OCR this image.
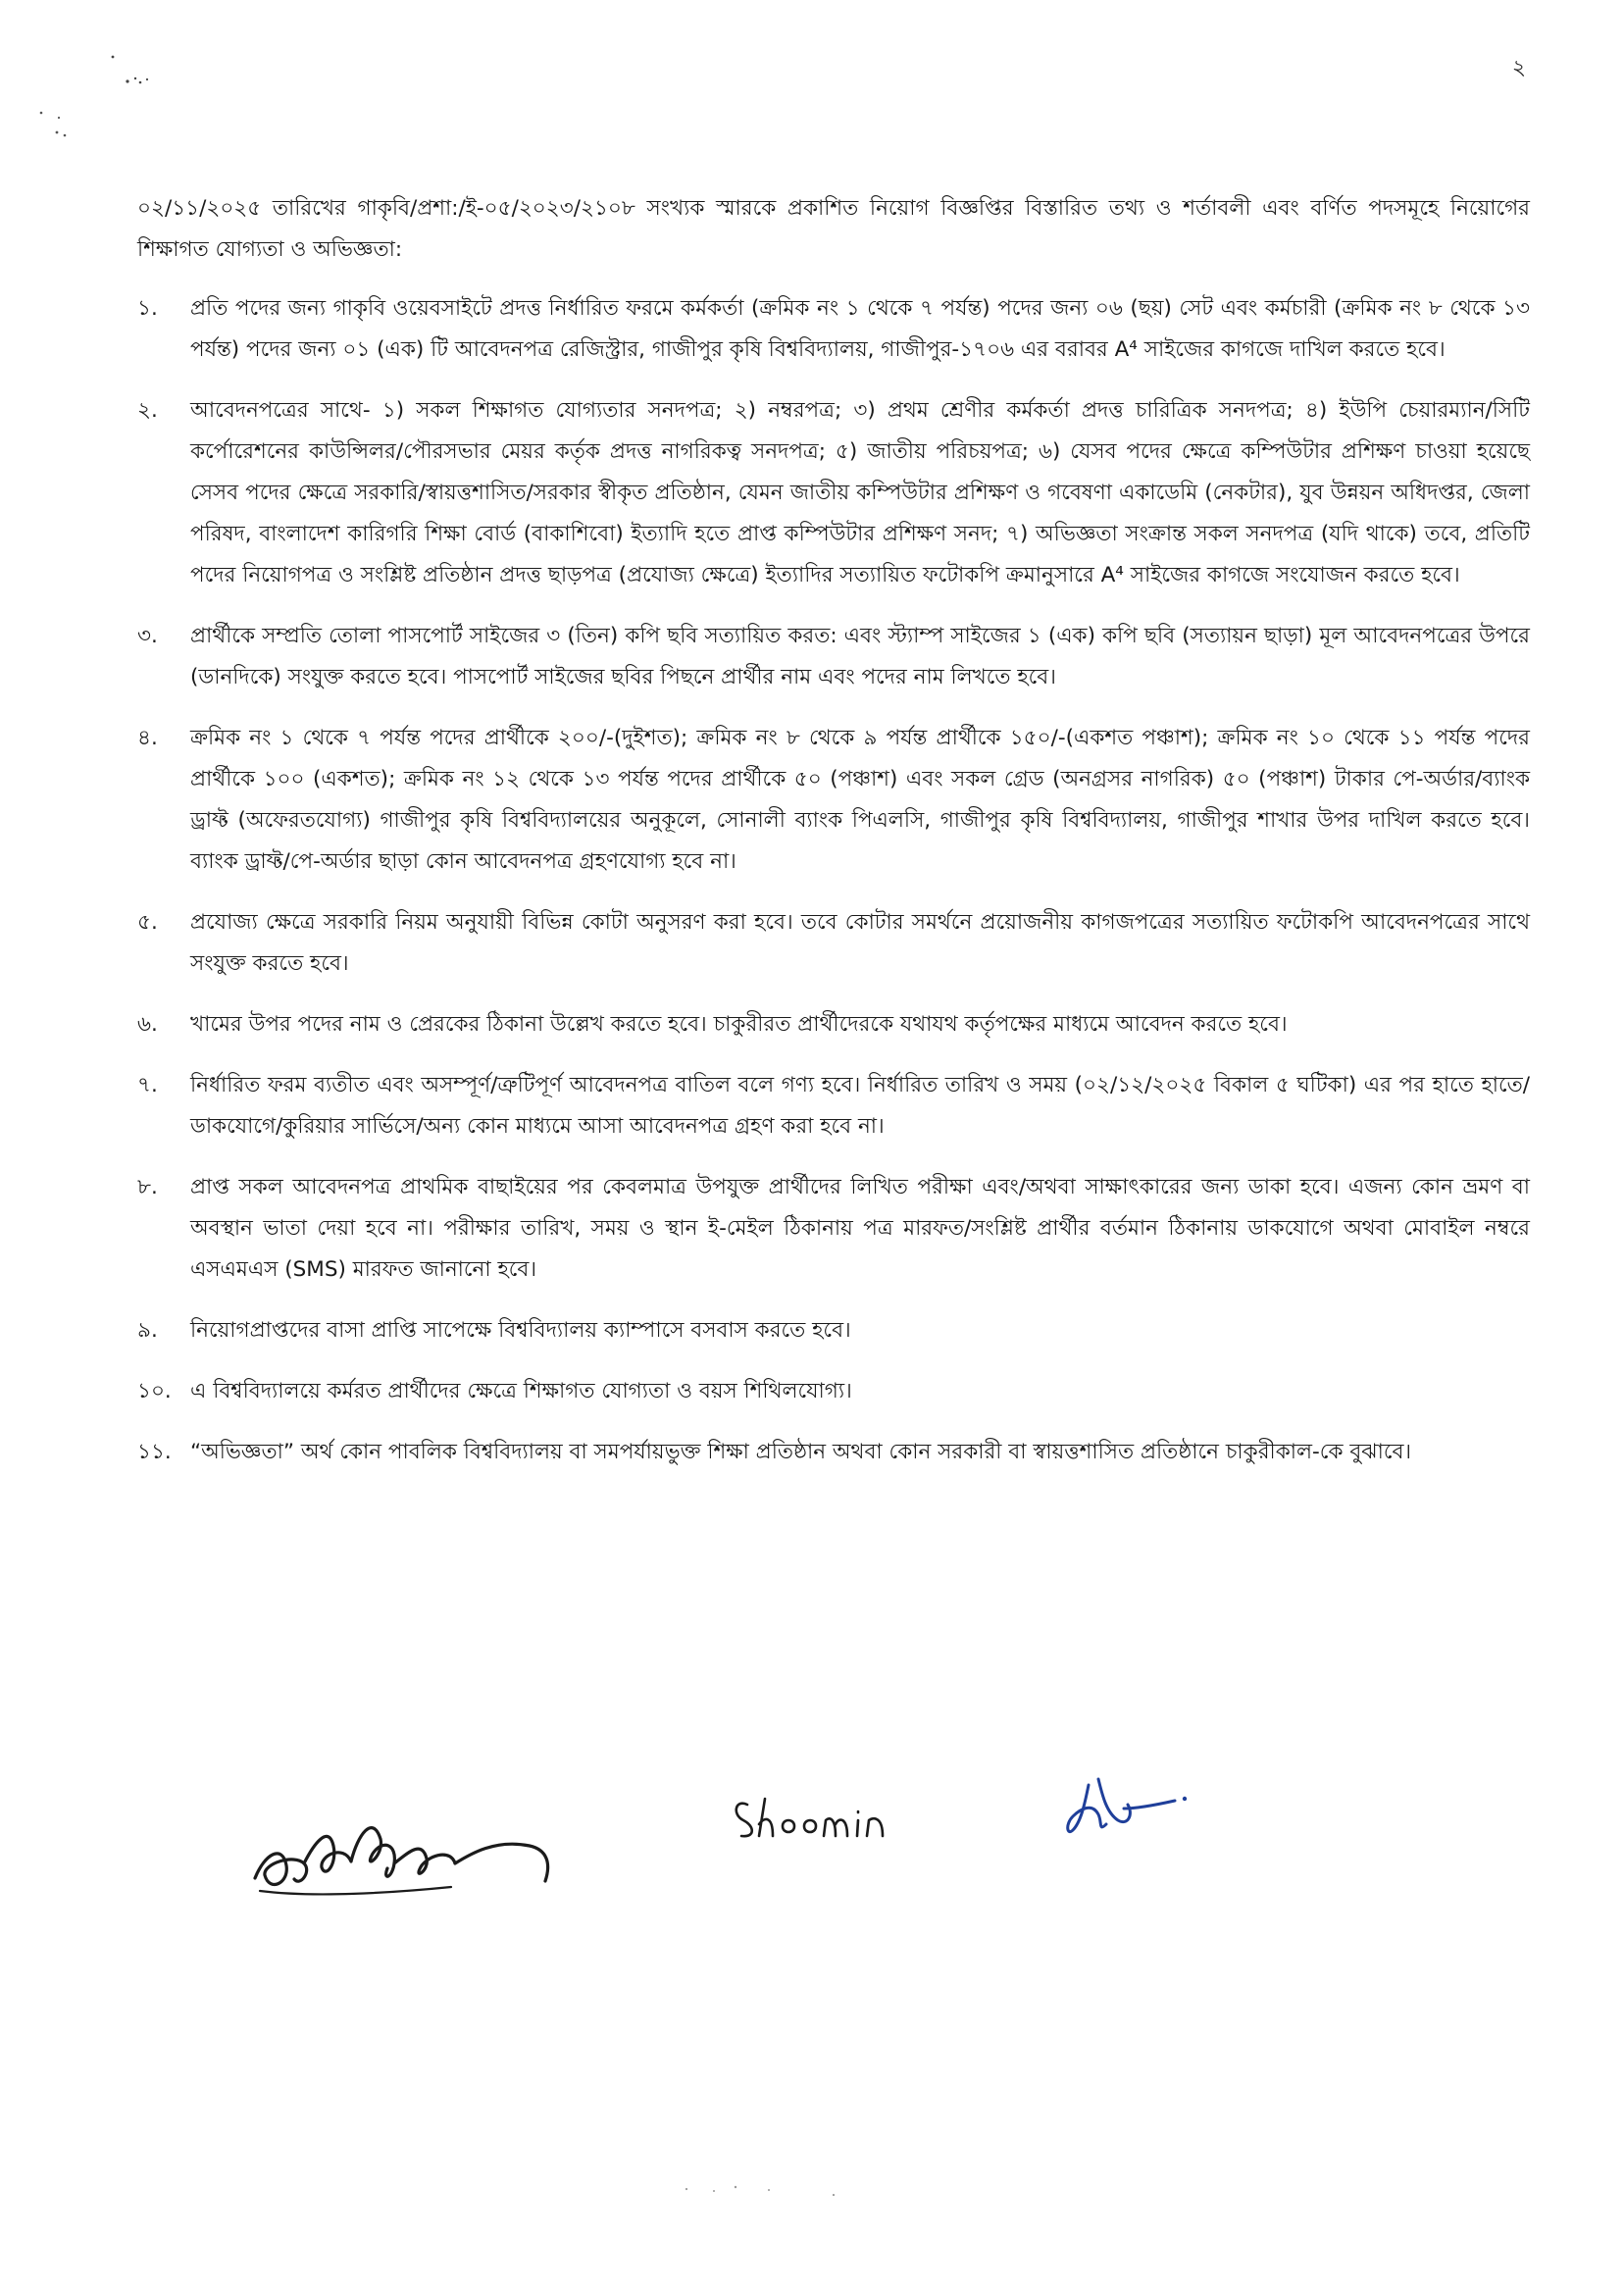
২

০২/১১/২০২৫ তারিখের গাকৃবি/প্রশা:/ই-০৫/২০২৩/২১০৮ সংখ্যক স্মারকে প্রকাশিত নিয়োগ বিজ্ঞপ্তির বিস্তারিত তথ্য ও শর্তাবলী এবং বর্ণিত পদসমূহে নিয়োগের শিক্ষাগত যোগ্যতা ও অভিজ্ঞতা:

১.	প্রতি পদের জন্য গাকৃবি ওয়েবসাইটে প্রদত্ত নির্ধারিত ফরমে কর্মকর্তা (ক্রমিক নং ১ থেকে ৭ পর্যন্ত) পদের জন্য ০৬ (ছয়) সেট এবং কর্মচারী (ক্রমিক নং ৮ থেকে ১৩ পর্যন্ত) পদের জন্য ০১ (এক) টি আবেদনপত্র রেজিস্ট্রার, গাজীপুর কৃষি বিশ্ববিদ্যালয়, গাজীপুর-১৭০৬ এর বরাবর A⁴ সাইজের কাগজে দাখিল করতে হবে।
২.	আবেদনপত্রের সাথে- ১) সকল শিক্ষাগত যোগ্যতার সনদপত্র; ২) নম্বরপত্র; ৩) প্রথম শ্রেণীর কর্মকর্তা প্রদত্ত চারিত্রিক সনদপত্র; ৪) ইউপি চেয়ারম্যান/সিটি কর্পোরেশনের কাউন্সিলর/পৌরসভার মেয়র কর্তৃক প্রদত্ত নাগরিকত্ব সনদপত্র; ৫) জাতীয় পরিচয়পত্র; ৬) যেসব পদের ক্ষেত্রে কম্পিউটার প্রশিক্ষণ চাওয়া হয়েছে সেসব পদের ক্ষেত্রে সরকারি/স্বায়ত্তশাসিত/সরকার স্বীকৃত প্রতিষ্ঠান, যেমন জাতীয় কম্পিউটার প্রশিক্ষণ ও গবেষণা একাডেমি (নেকটার), যুব উন্নয়ন অধিদপ্তর, জেলা পরিষদ, বাংলাদেশ কারিগরি শিক্ষা বোর্ড (বাকাশিবো) ইত্যাদি হতে প্রাপ্ত কম্পিউটার প্রশিক্ষণ সনদ; ৭) অভিজ্ঞতা সংক্রান্ত সকল সনদপত্র (যদি থাকে) তবে, প্রতিটি পদের নিয়োগপত্র ও সংশ্লিষ্ট প্রতিষ্ঠান প্রদত্ত ছাড়পত্র (প্রযোজ্য ক্ষেত্রে) ইত্যাদির সত্যায়িত ফটোকপি ক্রমানুসারে A⁴ সাইজের কাগজে সংযোজন করতে হবে।
৩.	প্রার্থীকে সম্প্রতি তোলা পাসপোর্ট সাইজের ৩ (তিন) কপি ছবি সত্যায়িত করত: এবং স্ট্যাম্প সাইজের ১ (এক) কপি ছবি (সত্যায়ন ছাড়া) মূল আবেদনপত্রের উপরে (ডানদিকে) সংযুক্ত করতে হবে। পাসপোর্ট সাইজের ছবির পিছনে প্রার্থীর নাম এবং পদের নাম লিখতে হবে।
৪.	ক্রমিক নং ১ থেকে ৭ পর্যন্ত পদের প্রার্থীকে ২০০/-(দুইশত); ক্রমিক নং ৮ থেকে ৯ পর্যন্ত প্রার্থীকে ১৫০/-(একশত পঞ্চাশ); ক্রমিক নং ১০ থেকে ১১ পর্যন্ত পদের প্রার্থীকে ১০০ (একশত); ক্রমিক নং ১২ থেকে ১৩ পর্যন্ত পদের প্রার্থীকে ৫০ (পঞ্চাশ) এবং সকল গ্রেড (অনগ্রসর নাগরিক) ৫০ (পঞ্চাশ) টাকার পে-অর্ডার/ব্যাংক ড্রাফ্ট (অফেরতযোগ্য) গাজীপুর কৃষি বিশ্ববিদ্যালয়ের অনুকূলে, সোনালী ব্যাংক পিএলসি, গাজীপুর কৃষি বিশ্ববিদ্যালয়, গাজীপুর শাখার উপর দাখিল করতে হবে। ব্যাংক ড্রাফ্ট/পে-অর্ডার ছাড়া কোন আবেদনপত্র গ্রহণযোগ্য হবে না।
৫.	প্রযোজ্য ক্ষেত্রে সরকারি নিয়ম অনুযায়ী বিভিন্ন কোটা অনুসরণ করা হবে। তবে কোটার সমর্থনে প্রয়োজনীয় কাগজপত্রের সত্যায়িত ফটোকপি আবেদনপত্রের সাথে সংযুক্ত করতে হবে।
৬.	খামের উপর পদের নাম ও প্রেরকের ঠিকানা উল্লেখ করতে হবে। চাকুরীরত প্রার্থীদেরকে যথাযথ কর্তৃপক্ষের মাধ্যমে আবেদন করতে হবে।
৭.	নির্ধারিত ফরম ব্যতীত এবং অসম্পূর্ণ/ত্রুটিপূর্ণ আবেদনপত্র বাতিল বলে গণ্য হবে। নির্ধারিত তারিখ ও সময় (০২/১২/২০২৫ বিকাল ৫ ঘটিকা) এর পর হাতে হাতে/ডাকযোগে/কুরিয়ার সার্ভিসে/অন্য কোন মাধ্যমে আসা আবেদনপত্র গ্রহণ করা হবে না।
৮.	প্রাপ্ত সকল আবেদনপত্র প্রাথমিক বাছাইয়ের পর কেবলমাত্র উপযুক্ত প্রার্থীদের লিখিত পরীক্ষা এবং/অথবা সাক্ষাৎকারের জন্য ডাকা হবে। এজন্য কোন ভ্রমণ বা অবস্থান ভাতা দেয়া হবে না। পরীক্ষার তারিখ, সময় ও স্থান ই-মেইল ঠিকানায় পত্র মারফত/সংশ্লিষ্ট প্রার্থীর বর্তমান ঠিকানায় ডাকযোগে অথবা মোবাইল নম্বরে এসএমএস (SMS) মারফত জানানো হবে।
৯.	নিয়োগপ্রাপ্তদের বাসা প্রাপ্তি সাপেক্ষে বিশ্ববিদ্যালয় ক্যাম্পাসে বসবাস করতে হবে।
১০. এ বিশ্ববিদ্যালয়ে কর্মরত প্রার্থীদের ক্ষেত্রে শিক্ষাগত যোগ্যতা ও বয়স শিথিলযোগ্য।
১১. “অভিজ্ঞতা” অর্থ কোন পাবলিক বিশ্ববিদ্যালয় বা সমপর্যায়ভুক্ত শিক্ষা প্রতিষ্ঠান অথবা কোন সরকারী বা স্বায়ত্তশাসিত প্রতিষ্ঠানে চাকুরীকাল-কে বুঝাবে।
